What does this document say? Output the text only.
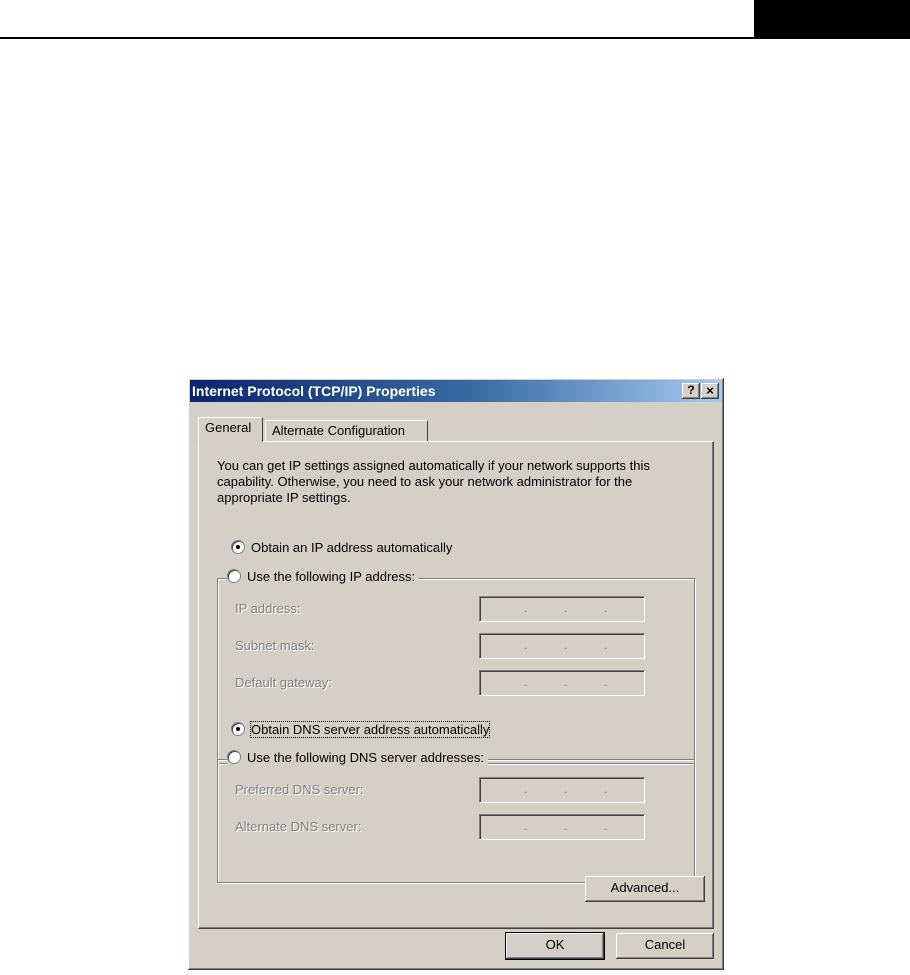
Internet Protocol (TCP/IP) Properties	? ×
General	Alternate Configuration
You can get IP settings assigned automatically if your network supports this capability. Otherwise, you need to ask your network administrator for the appropriate IP settings.
Obtain an IP address automatically
Use the following IP address:
IP address:	.	.	.
Subnet mask:	.	.	.
Default gateway:	.	.	.
Obtain DNS server address automatically
Use the following DNS server addresses:
Preferred DNS server:	.	.	.
Alternate DNS server:	.	.	.
Advanced...
OK	Cancel
